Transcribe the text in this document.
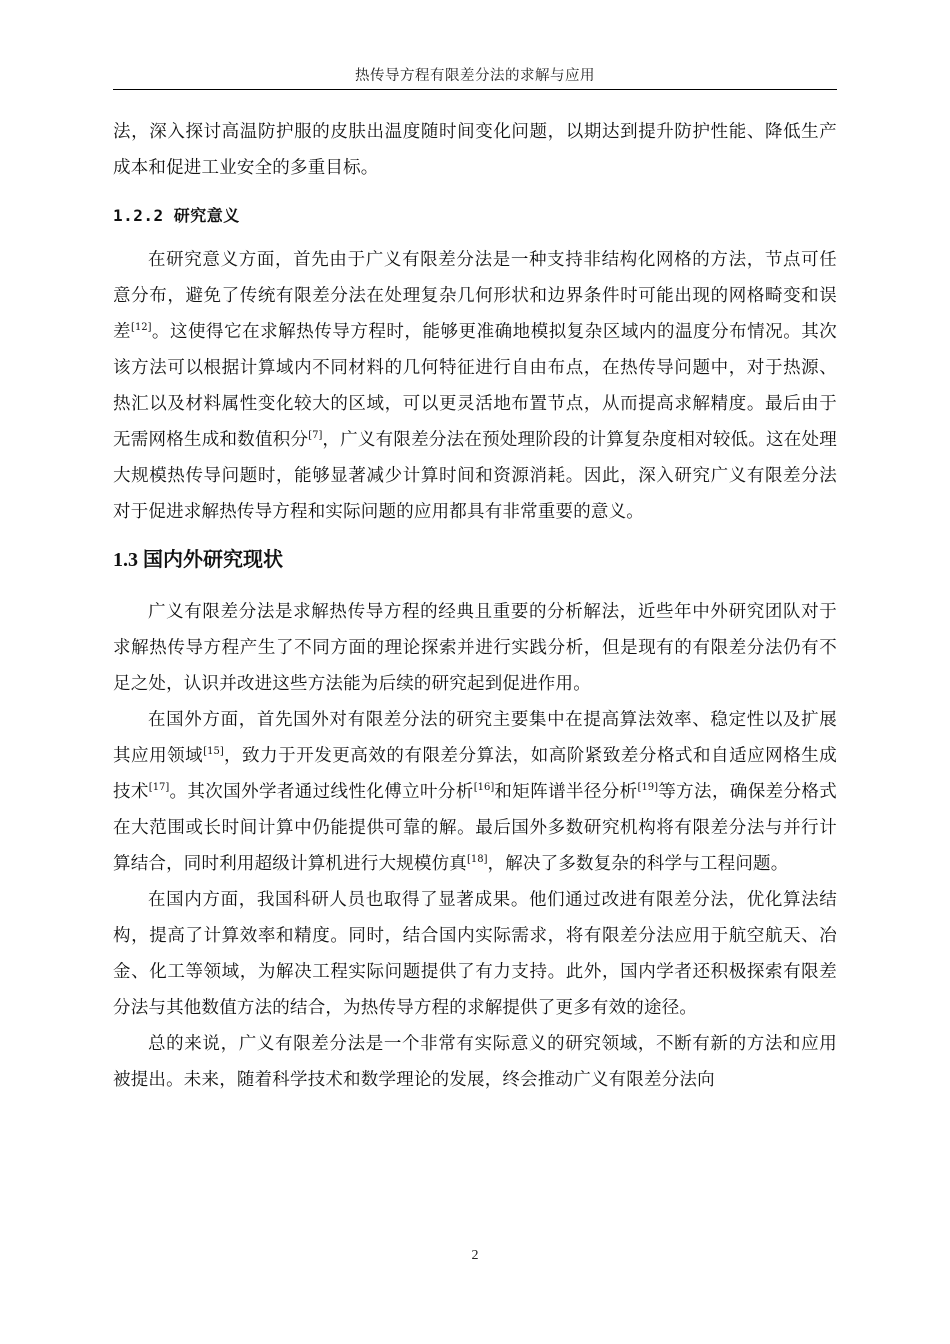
热传导方程有限差分法的求解与应用

法，深入探讨高温防护服的皮肤出温度随时间变化问题，以期达到提升防护性能、降低生产成本和促进工业安全的多重目标。

1.2.2 研究意义

在研究意义方面，首先由于广义有限差分法是一种支持非结构化网格的方法，节点可任意分布，避免了传统有限差分法在处理复杂几何形状和边界条件时可能出现的网格畸变和误差[12]。这使得它在求解热传导方程时，能够更准确地模拟复杂区域内的温度分布情况。其次该方法可以根据计算域内不同材料的几何特征进行自由布点，在热传导问题中，对于热源、热汇以及材料属性变化较大的区域，可以更灵活地布置节点，从而提高求解精度。最后由于无需网格生成和数值积分[7]，广义有限差分法在预处理阶段的计算复杂度相对较低。这在处理大规模热传导问题时，能够显著减少计算时间和资源消耗。因此，深入研究广义有限差分法对于促进求解热传导方程和实际问题的应用都具有非常重要的意义。

1.3 国内外研究现状

广义有限差分法是求解热传导方程的经典且重要的分析解法，近些年中外研究团队对于求解热传导方程产生了不同方面的理论探索并进行实践分析，但是现有的有限差分法仍有不足之处，认识并改进这些方法能为后续的研究起到促进作用。

在国外方面，首先国外对有限差分法的研究主要集中在提高算法效率、稳定性以及扩展其应用领域[15]，致力于开发更高效的有限差分算法，如高阶紧致差分格式和自适应网格生成技术[17]。其次国外学者通过线性化傅立叶分析[16]和矩阵谱半径分析[19]等方法，确保差分格式在大范围或长时间计算中仍能提供可靠的解。最后国外多数研究机构将有限差分法与并行计算结合，同时利用超级计算机进行大规模仿真[18]，解决了多数复杂的科学与工程问题。

在国内方面，我国科研人员也取得了显著成果。他们通过改进有限差分法，优化算法结构，提高了计算效率和精度。同时，结合国内实际需求，将有限差分法应用于航空航天、冶金、化工等领域，为解决工程实际问题提供了有力支持。此外，国内学者还积极探索有限差分法与其他数值方法的结合，为热传导方程的求解提供了更多有效的途径。

总的来说，广义有限差分法是一个非常有实际意义的研究领域，不断有新的方法和应用被提出。未来，随着科学技术和数学理论的发展，终会推动广义有限差分法向

2
